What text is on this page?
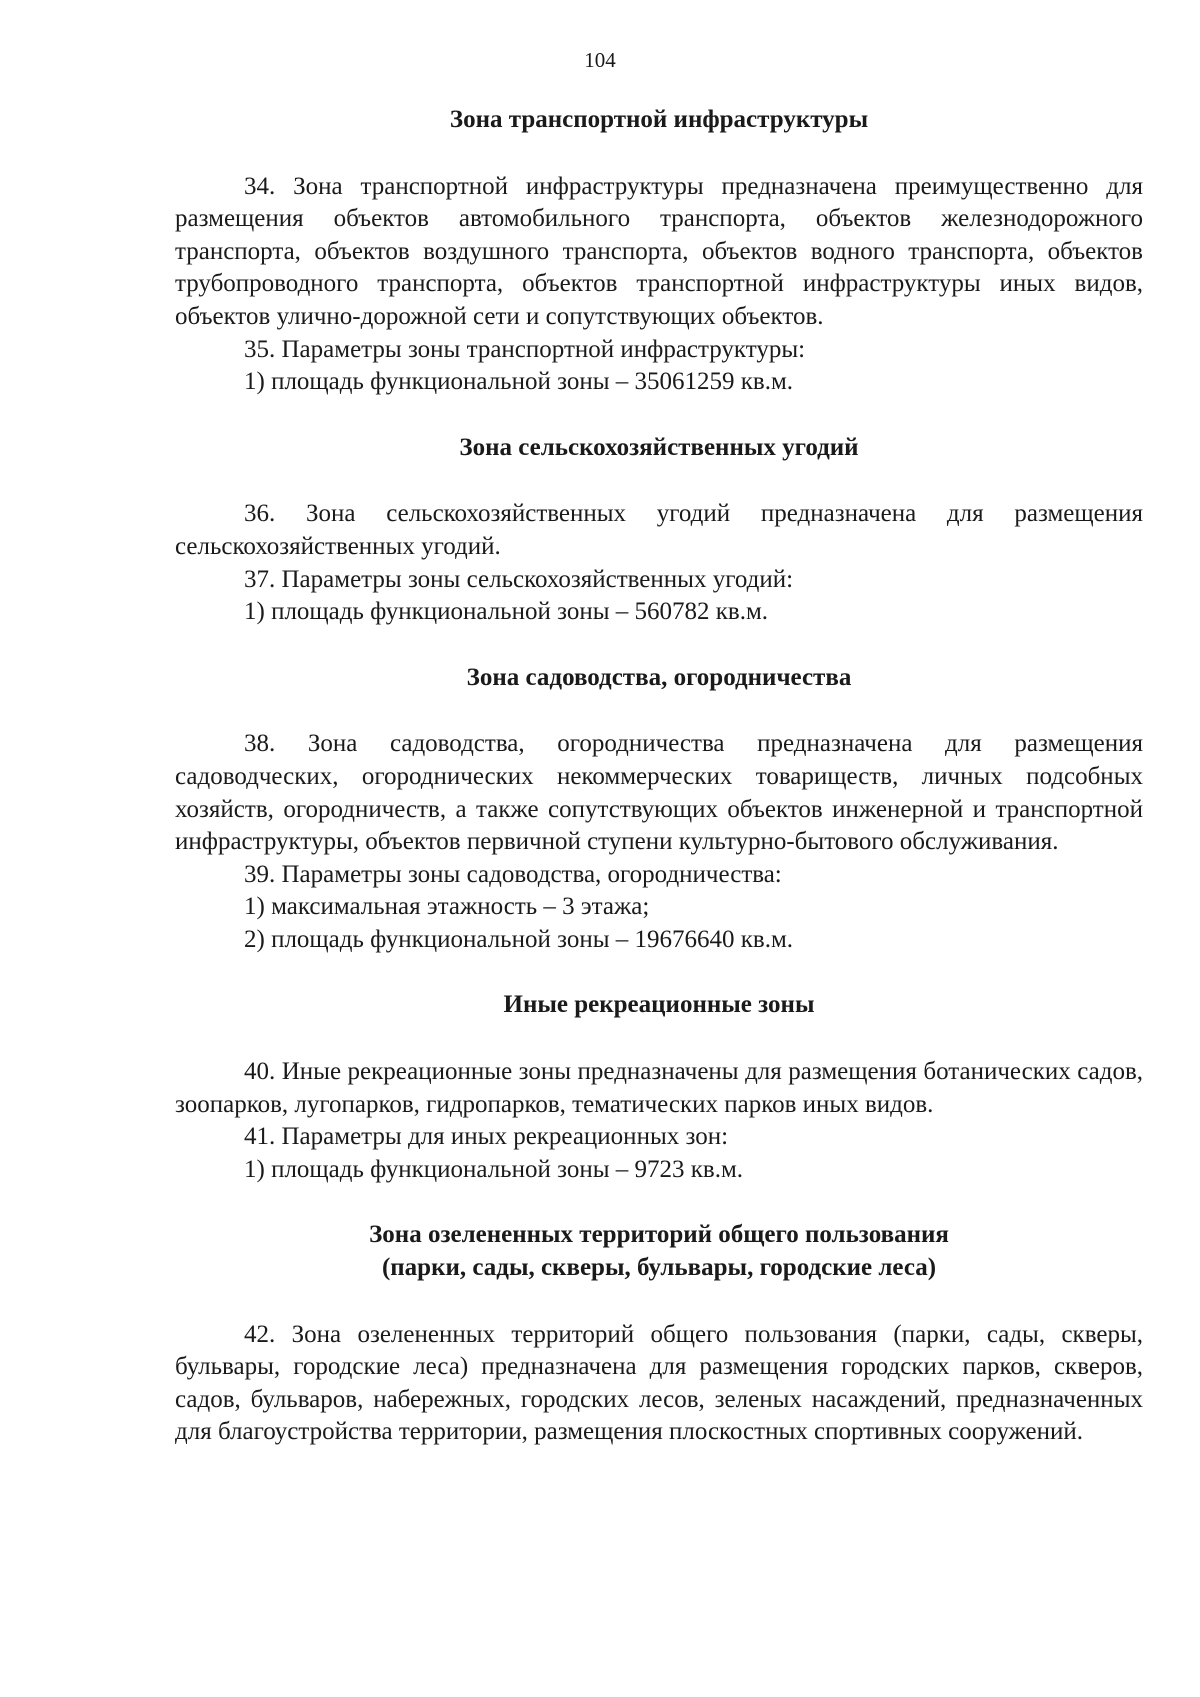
104
Зона транспортной инфраструктуры

34. Зона транспортной инфраструктуры предназначена преимущественно для размещения объектов автомобильного транспорта, объектов железнодорожного транспорта, объектов воздушного транспорта, объектов водного транспорта, объектов трубопроводного транспорта, объектов транспортной инфраструктуры иных видов, объектов улично-дорожной сети и сопутствующих объектов.

35. Параметры зоны транспортной инфраструктуры:

1) площадь функциональной зоны – 35061259 кв.м.

Зона сельскохозяйственных угодий

36. Зона сельскохозяйственных угодий предназначена для размещения сельскохозяйственных угодий.

37. Параметры зоны сельскохозяйственных угодий:

1) площадь функциональной зоны – 560782 кв.м.

Зона садоводства, огородничества

38. Зона садоводства, огородничества предназначена для размещения садоводческих, огороднических некоммерческих товариществ, личных подсобных хозяйств, огородничеств, а также сопутствующих объектов инженерной и транспортной инфраструктуры, объектов первичной ступени культурно-бытового обслуживания.

39. Параметры зоны садоводства, огородничества:

1) максимальная этажность – 3 этажа;

2) площадь функциональной зоны – 19676640 кв.м.

Иные рекреационные зоны

40. Иные рекреационные зоны предназначены для размещения ботанических садов, зоопарков, лугопарков, гидропарков, тематических парков иных видов.

41. Параметры для иных рекреационных зон:

1) площадь функциональной зоны – 9723 кв.м.

Зона озелененных территорий общего пользования
(парки, сады, скверы, бульвары, городские леса)

42. Зона озелененных территорий общего пользования (парки, сады, скверы, бульвары, городские леса) предназначена для размещения городских парков, скверов, садов, бульваров, набережных, городских лесов, зеленых насаждений, предназначенных для благоустройства территории, размещения плоскостных спортивных сооружений.
